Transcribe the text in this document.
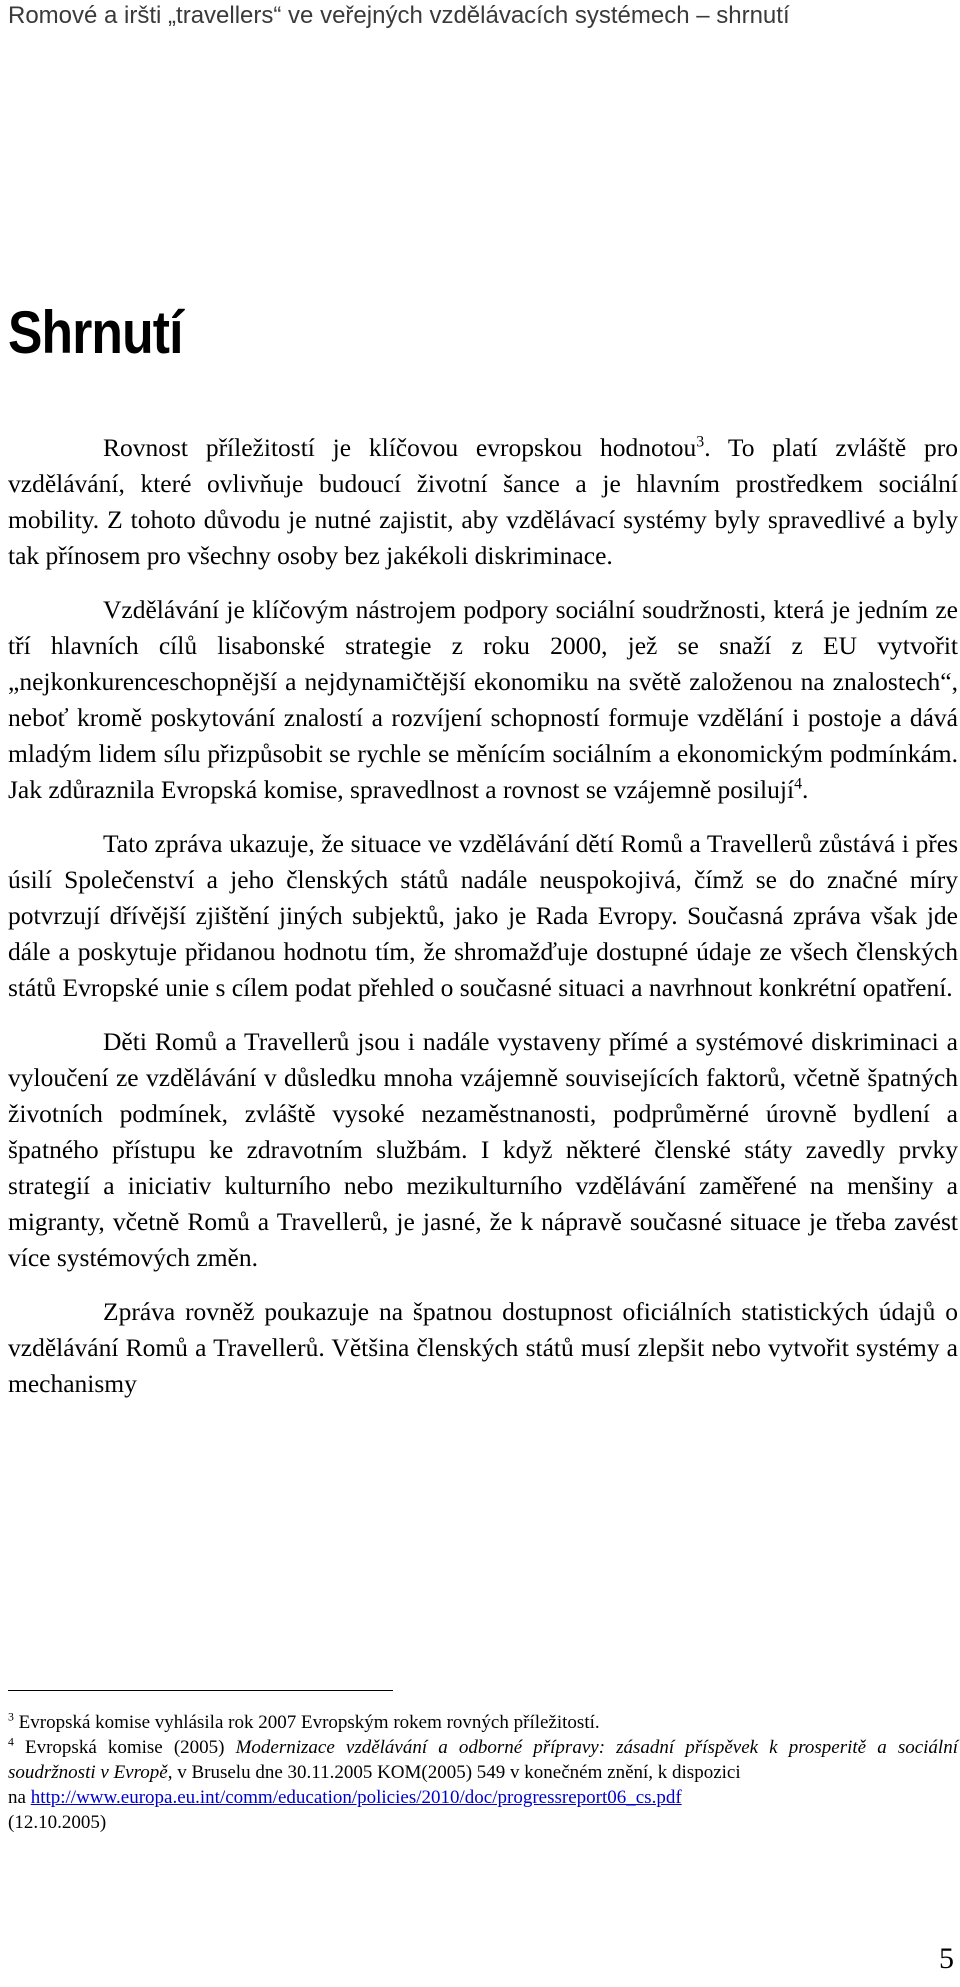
Romové a iršti „travellers“ ve veřejných vzdělávacích systémech – shrnutí
Shrnutí

Rovnost příležitostí je klíčovou evropskou hodnotou$^3$. To platí zvláště pro vzdělávání, které ovlivňuje budoucí životní šance a je hlavním prostředkem sociální mobility. Z tohoto důvodu je nutné zajistit, aby vzdělávací systémy byly spravedlivé a byly tak přínosem pro všechny osoby bez jakékoli diskriminace.

Vzdělávání je klíčovým nástrojem podpory sociální soudržnosti, která je jedním ze tří hlavních cílů lisabonské strategie z roku 2000, jež se snaží z EU vytvořit „nejkonkurenceschopnější a nejdynamičtější ekonomiku na světě založenou na znalostech“, neboť kromě poskytování znalostí a rozvíjení schopností formuje vzdělání i postoje a dává mladým lidem sílu přizpůsobit se rychle se měnícím sociálním a ekonomickým podmínkám. Jak zdůraznila Evropská komise, spravedlnost a rovnost se vzájemně posilují$^4$.

Tato zpráva ukazuje, že situace ve vzdělávání dětí Romů a Travellerů zůstává i přes úsilí Společenství a jeho členských států nadále neuspokojivá, čímž se do značné míry potvrzují dřívější zjištění jiných subjektů, jako je Rada Evropy. Současná zpráva však jde dále a poskytuje přidanou hodnotu tím, že shromažďuje dostupné údaje ze všech členských států Evropské unie s cílem podat přehled o současné situaci a navrhnout konkrétní opatření.

Děti Romů a Travellerů jsou i nadále vystaveny přímé a systémové diskriminaci a vyloučení ze vzdělávání v důsledku mnoha vzájemně souvisejících faktorů, včetně špatných životních podmínek, zvláště vysoké nezaměstnanosti, podprůměrné úrovně bydlení a špatného přístupu ke zdravotním službám. I když některé členské státy zavedly prvky strategií a iniciativ kulturního nebo mezikulturního vzdělávání zaměřené na menšiny a migranty, včetně Romů a Travellerů, je jasné, že k nápravě současné situace je třeba zavést více systémových změn.

Zpráva rovněž poukazuje na špatnou dostupnost oficiálních statistických údajů o vzdělávání Romů a Travellerů. Většina členských států musí zlepšit nebo vytvořit systémy a mechanismy

$^3$ Evropská komise vyhlásila rok 2007 Evropským rokem rovných příležitostí.

$^4$ Evropská komise (2005) Modernizace vzdělávání a odborné přípravy: zásadní příspěvek k prosperitě a sociální soudržnosti v Evropě, v Bruselu dne 30.11.2005 KOM(2005) 549 v konečném znění, k dispozici

na http://www.europa.eu.int/comm/education/policies/2010/doc/progressreport06_cs.pdf

(12.10.2005)

5
